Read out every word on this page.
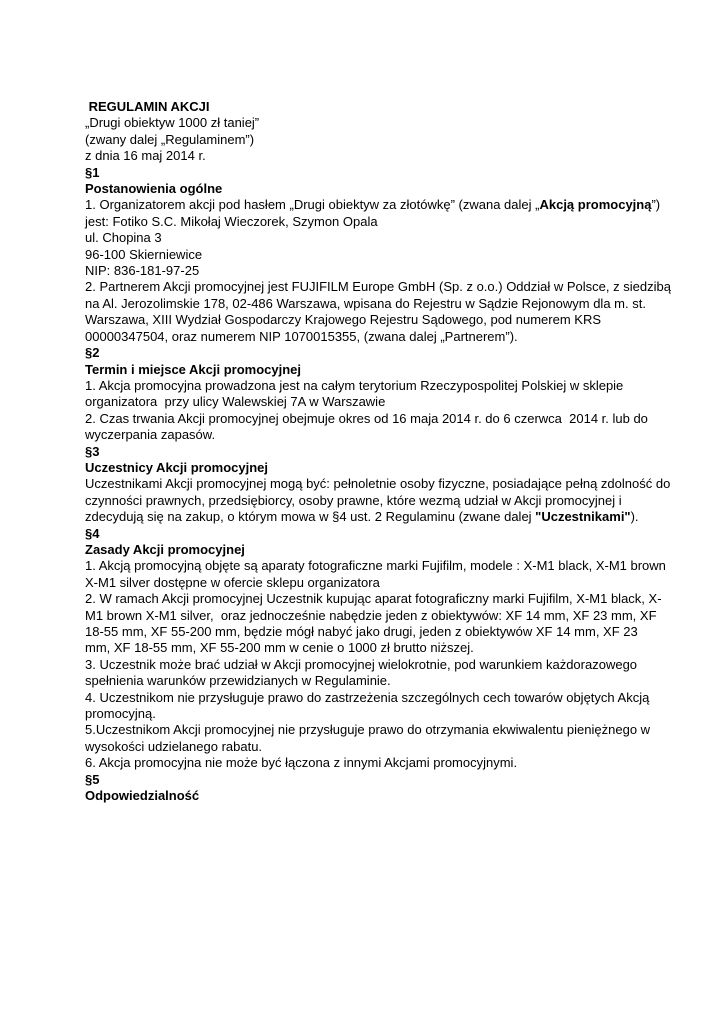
REGULAMIN AKCJI
„Drugi obiektyw 1000 zł taniej”
(zwany dalej „Regulaminem”)
z dnia 16 maj 2014 r.
§1
Postanowienia ogólne
1. Organizatorem akcji pod hasłem „Drugi obiektyw za złotówkę” (zwana dalej „Akcją promocyjną”)
jest: Fotiko S.C. Mikołaj Wieczorek, Szymon Opala
ul. Chopina 3
96-100 Skierniewice
NIP: 836-181-97-25
2. Partnerem Akcji promocyjnej jest FUJIFILM Europe GmbH (Sp. z o.o.) Oddział w Polsce, z siedzibą
na Al. Jerozolimskie 178, 02-486 Warszawa, wpisana do Rejestru w Sądzie Rejonowym dla m. st.
Warszawa, XIII Wydział Gospodarczy Krajowego Rejestru Sądowego, pod numerem KRS
00000347504, oraz numerem NIP 1070015355, (zwana dalej „Partnerem”).
§2
Termin i miejsce Akcji promocyjnej
1. Akcja promocyjna prowadzona jest na całym terytorium Rzeczypospolitej Polskiej w sklepie
organizatora  przy ulicy Walewskiej 7A w Warszawie
2. Czas trwania Akcji promocyjnej obejmuje okres od 16 maja 2014 r. do 6 czerwca  2014 r. lub do
wyczerpania zapasów.
§3
Uczestnicy Akcji promocyjnej
Uczestnikami Akcji promocyjnej mogą być: pełnoletnie osoby fizyczne, posiadające pełną zdolność do
czynności prawnych, przedsiębiorcy, osoby prawne, które wezmą udział w Akcji promocyjnej i
zdecydują się na zakup, o którym mowa w §4 ust. 2 Regulaminu (zwane dalej "Uczestnikami").
§4
Zasady Akcji promocyjnej
1. Akcją promocyjną objęte są aparaty fotograficzne marki Fujifilm, modele : X-M1 black, X-M1 brown
X-M1 silver dostępne w ofercie sklepu organizatora
2. W ramach Akcji promocyjnej Uczestnik kupując aparat fotograficzny marki Fujifilm, X-M1 black, X-
M1 brown X-M1 silver,  oraz jednocześnie nabędzie jeden z obiektywów: XF 14 mm, XF 23 mm, XF
18-55 mm, XF 55-200 mm, będzie mógł nabyć jako drugi, jeden z obiektywów XF 14 mm, XF 23
mm, XF 18-55 mm, XF 55-200 mm w cenie o 1000 zł brutto niższej.
3. Uczestnik może brać udział w Akcji promocyjnej wielokrotnie, pod warunkiem każdorazowego
spełnienia warunków przewidzianych w Regulaminie.
4. Uczestnikom nie przysługuje prawo do zastrzeżenia szczególnych cech towarów objętych Akcją
promocyjną.
5.Uczestnikom Akcji promocyjnej nie przysługuje prawo do otrzymania ekwiwalentu pieniężnego w
wysokości udzielanego rabatu.
6. Akcja promocyjna nie może być łączona z innymi Akcjami promocyjnymi.
§5
Odpowiedzialność
